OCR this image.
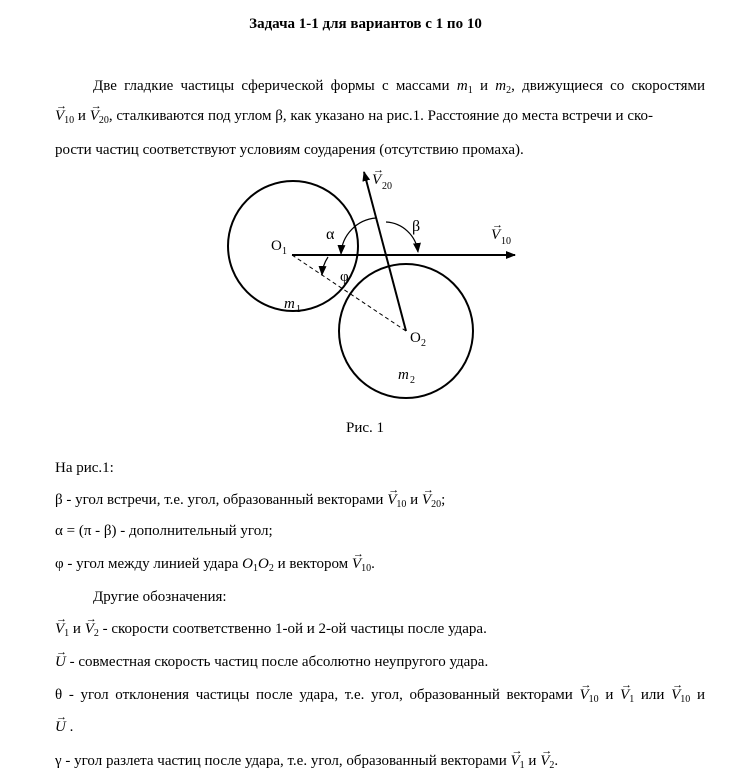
Задача 1-1 для вариантов с 1 по 10
Две гладкие частицы сферической формы с массами $m_1$ и $m_2$, движущиеся со скоростями
→ $V_{10}$ $и \to V_{20}$, сталкиваются под углом β, как указано на рис.1. Расстояние до места встречи и ско-
рости частиц соответствуют условиям соударения (отсутствию промаха).
V
→
20
β	V
→
10
α
O 1
φ
m 1
O 2
m 2
Рис. 1
На рис.1:
β - угол встречи, т.е. угол, образованный векторами → $V_{10}$ $и \to V_{20}$;
α = (π - β) - дополнительный угол;
φ - угол между линией удара $O_1O_2$ и вектором → $V_{10}$.
Другие обозначения:
→ $V_1$ $и \to V_2$ - скорости соответственно 1-ой и 2-ой частицы после удара.
→ U - совместная скорость частиц после абсолютно неупругого удара.
θ - угол отклонения частицы после удара, т.е. угол, образованный векторами → $V_{10}$ $и \to V_1$ или → $V_{10}$ и
→ U .
γ - угол разлета частиц после удара, т.е. угол, образованный векторами → $V_1$ $и \to V_2$.
